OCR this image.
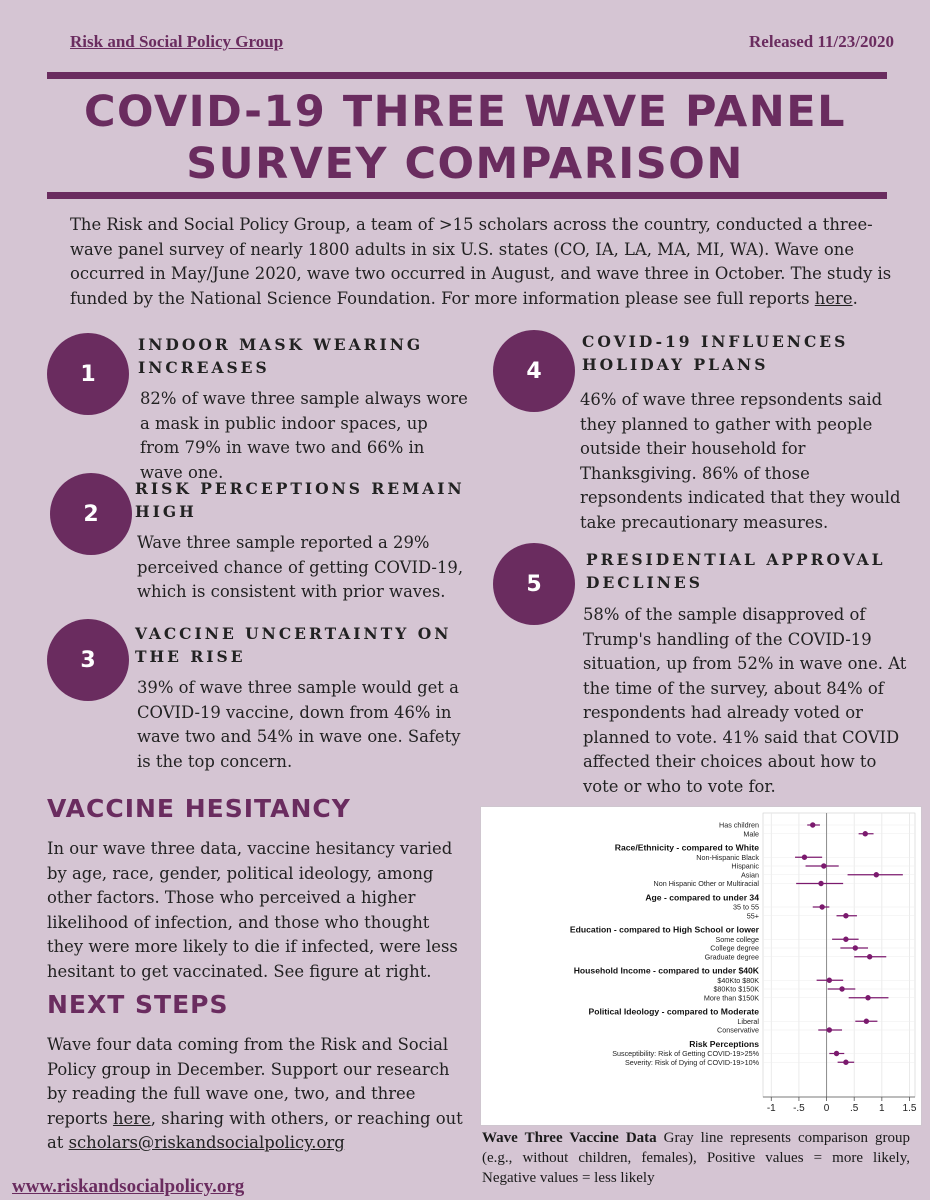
Risk and Social Policy Group	Released 11/23/2020
COVID-19 THREE WAVE PANEL
SURVEY COMPARISON
The Risk and Social Policy Group, a team of >15 scholars across the country, conducted a three-wave panel survey of nearly 1800 adults in six U.S. states (CO, IA, LA, MA, MI, WA). Wave one occurred in May/June 2020, wave two occurred in August, and wave three in October. The study is funded by the National Science Foundation. For more information please see full reports here.
1
INDOOR MASK WEARING
INCREASES
82% of wave three sample always wore a mask in public indoor spaces, up from 79% in wave two and 66% in wave one.
2
RISK PERCEPTIONS REMAIN
HIGH
Wave three sample reported a 29% perceived chance of getting COVID-19, which is consistent with prior waves.
3
VACCINE UNCERTAINTY ON
THE RISE
39% of wave three sample would get a COVID-19 vaccine, down from 46% in wave two and 54% in wave one. Safety is the top concern.
4
COVID-19 INFLUENCES
HOLIDAY PLANS
46% of wave three repsondents said they planned to gather with people outside their household for Thanksgiving. 86% of those repsondents indicated that they would take precautionary measures.
5
PRESIDENTIAL APPROVAL
DECLINES
58% of the sample disapproved of Trump's handling of the COVID-19 situation, up from 52% in wave one. At the time of the survey, about 84% of respondents had already voted or planned to vote. 41% said that COVID affected their choices about how to vote or who to vote for.
VACCINE HESITANCY
In our wave three data, vaccine hesitancy varied by age, race, gender, political ideology, among other factors. Those who perceived a higher likelihood of infection, and those who thought they were more likely to die if infected, were less hesitant to get vaccinated. See figure at right.
NEXT STEPS
Wave four data coming from the Risk and Social Policy group in December. Support our research by reading the full wave one, two, and three reports here, sharing with others, or reaching out at scholars@riskandsocialpolicy.org
www.riskandsocialpolicy.org
Has children
Male
Race/Ethnicity - compared to White
Non-Hispanic Black
Hispanic
Asian
Non Hispanic Other or Multiracial
Age - compared to under 34
35 to 55
55+
Education - compared to High School or lower
Some college
College degree
Graduate degree
Household Income - compared to under $40K
$40Kto $80K
$80Kto $150K
More than $150K
Political Ideology - compared to Moderate
Liberal
Conservative
Risk Perceptions
Susceptibility: Risk of Getting COVID-19>25%
Severity: Risk of Dying of COVID-19>10%
-1 -.5 0 .5 1 1.5
Wave Three Vaccine Data Gray line represents comparison group (e.g., without children, females), Positive values = more likely, Negative values = less likely
